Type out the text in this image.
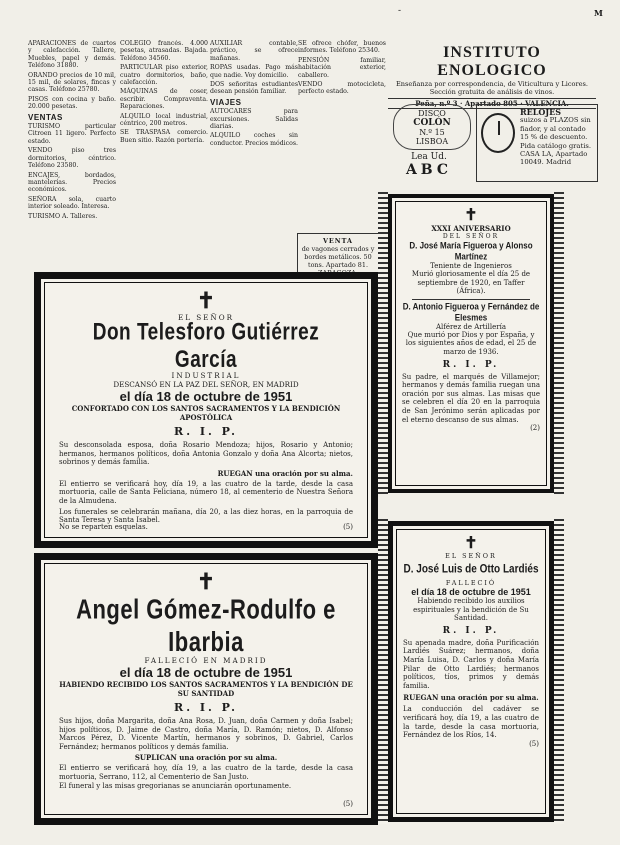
APARACIONES de cuartos y calefacción. Tallere, Muebles, papel y demás. Teléfono 31880.

ORANDO precios de 10 mil, 15 mil, de solares, fincas y casas. Teléfono 25780.

PISOS con cocina y baño. 20.000 pesetas.

VENTAS

TURISMO particular Citroen 11 ligero. Perfecto estado.

VENDO piso tres dormitorios, céntrico. Teléfono 23580.

ENCAJES, bordados, mantelerías. Precios económicos.

SEÑORA sola, cuarto interior soleado. Interesa.

TURISMO A. Talleres.

COLEGIO francés. 4.000 pesetas, atrasadas. Bajada. Teléfono 34560.

PARTICULAR piso exterior, cuatro dormitorios, baño, calefacción.

MÁQUINAS de coser, escribir. Compraventa. Reparaciones.

ALQUILO local industrial, céntrico, 200 metros.

SE TRASPASA comercio. Buen sitio. Razón portería.

AUXILIAR contable, práctico, se ofrece mañanas.

ROPAS usadas. Pago más que nadie. Voy domicilio.

DOS señoritas estudiantes desean pensión familiar.

VIAJES

AUTOCARES para excursiones. Salidas diarias.

ALQUILO coches sin conductor. Precios módicos.

SE ofrece chófer, buenos informes. Teléfono 25340.

PENSIÓN familiar, habitación exterior, caballero.

VENDO motocicleta, perfecto estado.

VENTA
de vagones cerrados y bordes metálicos. 50 tons. Apartado 81.
INSTITUTO ENOLOGICO
Enseñanza por correspondencia, de Viticultura y Licores. Sección gratuita de análisis de vinos.
Peña, n.º 3 · Apartado 805 · VALENCIA.
DISCO
COLÓN
N.º 15
LISBOA
Lea Ud.
ABC
RELOJES
suizos a PLAZOS sin fiador, y al contado 15 % de descuento. Pida catálogo gratis. CASA LA, Apartado 10049. Madrid
✝
EL SEÑOR
Don Telesforo Gutiérrez García
INDUSTRIAL
DESCANSÓ EN LA PAZ DEL SEÑOR, EN MADRID
el día 18 de octubre de 1951
CONFORTADO CON LOS SANTOS SACRAMENTOS Y LA BENDICIÓN APOSTÓLICA
R. I. P.
Su desconsolada esposa, doña Rosario Mendoza; hijos, Rosario y Antonio; hermanos, hermanos políticos, doña Antonia Gonzalo y doña Ana Alcorta; nietos, sobrinos y demás familia.
RUEGAN una oración por su alma.
El entierro se verificará hoy, día 19, a las cuatro de la tarde, desde la casa mortuoria, calle de Santa Feliciana, número 18, al cementerio de Nuestra Señora de la Almudena.
Los funerales se celebrarán mañana, día 20, a las diez horas, en la parroquia de Santa Teresa y Santa Isabel.
No se reparten esquelas.	(5)
✝
Angel Gómez-Rodulfo e Ibarbia
FALLECIÓ EN MADRID
el día 18 de octubre de 1951
HABIENDO RECIBIDO LOS SANTOS SACRAMENTOS Y LA BENDICIÓN DE SU SANTIDAD
R. I. P.
Sus hijos, doña Margarita, doña Ana Rosa, D. Juan, doña Carmen y doña Isabel; hijos políticos, D. Jaime de Castro, doña María, D. Ramón; nietos, D. Alfonso Marcos Pérez, D. Vicente Martín, hermanos y sobrinos, D. Gabriel, Carlos Fernández; hermanos políticos y demás familia.
SUPLICAN una oración por su alma.
El entierro se verificará hoy, día 19, a las cuatro de la tarde, desde la casa mortuoria, Serrano, 112, al Cementerio de San Justo.
El funeral y las misas gregorianas se anunciarán oportunamente.
(5)
✝
XXXI ANIVERSARIO
DEL SEÑOR
D. José María Figueroa y Alonso Martínez
Teniente de Ingenieros
Murió gloriosamente el día 25 de septiembre de 1920, en Taffer (África).
D. Antonio Figueroa y Fernández de Elesmes
Alférez de Artillería
Que murió por Dios y por España, y los siguientes años de edad, el 25 de marzo de 1936.
R. I. P.
Su padre, el marqués de Villamejor; hermanos y demás familia ruegan una oración por sus almas. Las misas que se celebren el día 20 en la parroquia de San Jerónimo serán aplicadas por el eterno descanso de sus almas.
(2)
✝
EL SEÑOR
D. José Luis de Otto Lardiés
FALLECIÓ
el día 18 de octubre de 1951
Habiendo recibido los auxilios espirituales y la bendición de Su Santidad.
R. I. P.
Su apenada madre, doña Purificación Lardiés Suárez; hermanos, doña María Luisa, D. Carlos y doña María Pilar de Otto Lardiés; hermanos políticos, tíos, primos y demás familia.
RUEGAN una oración por su alma.
La conducción del cadáver se verificará hoy, día 19, a las cuatro de la tarde, desde la casa mortuoria, Fernández de los Ríos, 14.
(5)
-	M
